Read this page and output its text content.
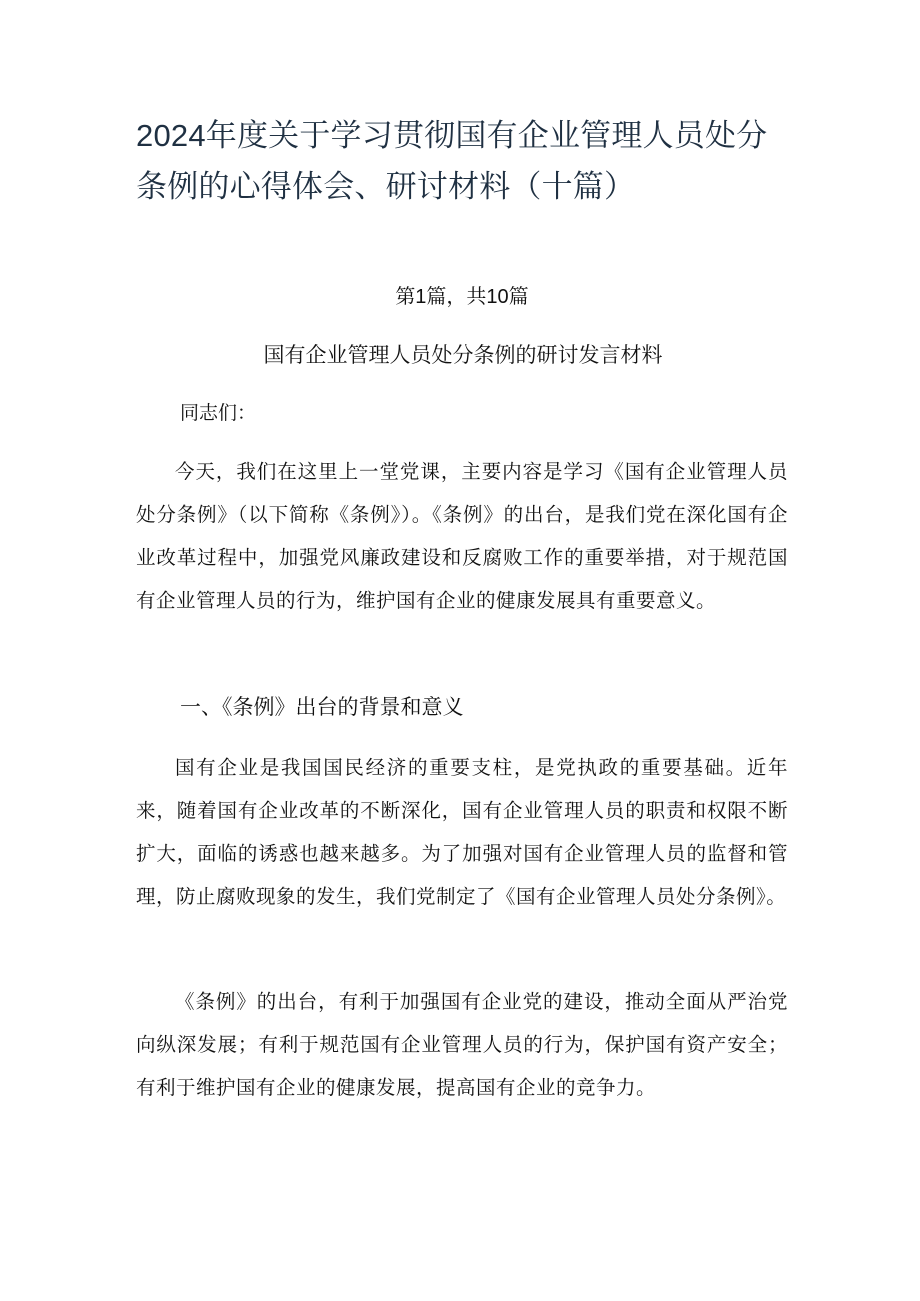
2024年度关于学习贯彻国有企业管理人员处分条例的心得体会、研讨材料（十篇）
第1篇，共10篇
国有企业管理人员处分条例的研讨发言材料
同志们：

今天，我们在这里上一堂党课，主要内容是学习《国有企业管理人员处分条例》（以下简称《条例》）。《条例》的出台，是我们党在深化国有企业改革过程中，加强党风廉政建设和反腐败工作的重要举措，对于规范国有企业管理人员的行为，维护国有企业的健康发展具有重要意义。

一、《条例》出台的背景和意义

国有企业是我国国民经济的重要支柱，是党执政的重要基础。近年来，随着国有企业改革的不断深化，国有企业管理人员的职责和权限不断扩大，面临的诱惑也越来越多。为了加强对国有企业管理人员的监督和管理，防止腐败现象的发生，我们党制定了《国有企业管理人员处分条例》。

《条例》的出台，有利于加强国有企业党的建设，推动全面从严治党向纵深发展；有利于规范国有企业管理人员的行为，保护国有资产安全；有利于维护国有企业的健康发展，提高国有企业的竞争力。
